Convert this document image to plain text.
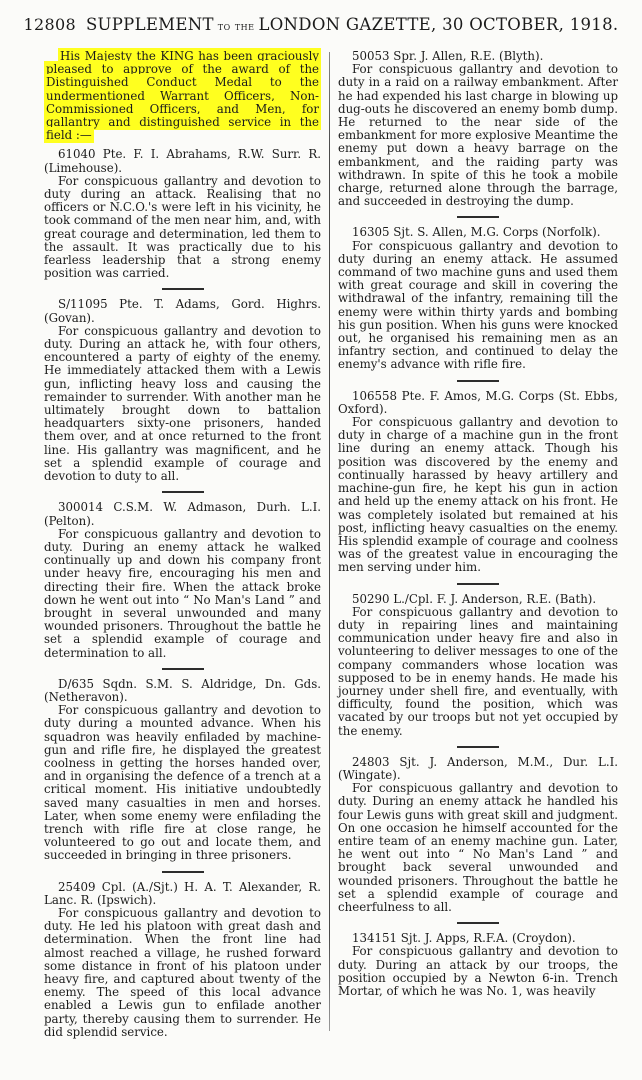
12808 SUPPLEMENT to the LONDON GAZETTE, 30 OCTOBER, 1918.

His Majesty the KING has been graciously pleased to approve of the award of the Distinguished Conduct Medal to the undermentioned Warrant Officers, Non-Commissioned Officers, and Men, for gallantry and distinguished service in the field :—

61040 Pte. F. I. Abrahams, R.W. Surr. R. (Limehouse).

For conspicuous gallantry and devotion to duty during an attack. Realising that no officers or N.C.O.'s were left in his vicinity, he took command of the men near him, and, with great courage and determination, led them to the assault. It was practically due to his fearless leadership that a strong enemy position was carried.

S/11095 Pte. T. Adams, Gord. Highrs. (Govan).

For conspicuous gallantry and devotion to duty. During an attack he, with four others, encountered a party of eighty of the enemy. He immediately attacked them with a Lewis gun, inflicting heavy loss and causing the remainder to surrender. With another man he ultimately brought down to battalion headquarters sixty-one prisoners, handed them over, and at once returned to the front line. His gallantry was magnificent, and he set a splendid example of courage and devotion to duty to all.

300014 C.S.M. W. Admason, Durh. L.I. (Pelton).

For conspicuous gallantry and devotion to duty. During an enemy attack he walked continually up and down his company front under heavy fire, encouraging his men and directing their fire. When the attack broke down he went out into “ No Man's Land ” and brought in several unwounded and many wounded prisoners. Throughout the battle he set a splendid example of courage and determination to all.

D/635 Sqdn. S.M. S. Aldridge, Dn. Gds. (Netheravon).

For conspicuous gallantry and devotion to duty during a mounted advance. When his squadron was heavily enfiladed by machine-gun and rifle fire, he displayed the greatest coolness in getting the horses handed over, and in organising the defence of a trench at a critical moment. His initiative undoubtedly saved many casualties in men and horses. Later, when some enemy were enfilading the trench with rifle fire at close range, he volunteered to go out and locate them, and succeeded in bringing in three prisoners.

25409 Cpl. (A./Sjt.) H. A. T. Alexander, R. Lanc. R. (Ipswich).

For conspicuous gallantry and devotion to duty. He led his platoon with great dash and determination. When the front line had almost reached a village, he rushed forward some distance in front of his platoon under heavy fire, and captured about twenty of the enemy. The speed of this local advance enabled a Lewis gun to enfilade another party, thereby causing them to surrender. He did splendid service.

50053 Spr. J. Allen, R.E. (Blyth).

For conspicuous gallantry and devotion to duty in a raid on a railway embankment. After he had expended his last charge in blowing up dug-outs he discovered an enemy bomb dump. He returned to the near side of the embankment for more explosive Meantime the enemy put down a heavy barrage on the embankment, and the raiding party was withdrawn. In spite of this he took a mobile charge, returned alone through the barrage, and succeeded in destroying the dump.

16305 Sjt. S. Allen, M.G. Corps (Norfolk).

For conspicuous gallantry and devotion to duty during an enemy attack. He assumed command of two machine guns and used them with great courage and skill in covering the withdrawal of the infantry, remaining till the enemy were within thirty yards and bombing his gun position. When his guns were knocked out, he organised his remaining men as an infantry section, and continued to delay the enemy's advance with rifle fire.

106558 Pte. F. Amos, M.G. Corps (St. Ebbs, Oxford).

For conspicuous gallantry and devotion to duty in charge of a machine gun in the front line during an enemy attack. Though his position was discovered by the enemy and continually harassed by heavy artillery and machine-gun fire, he kept his gun in action and held up the enemy attack on his front. He was completely isolated but remained at his post, inflicting heavy casualties on the enemy. His splendid example of courage and coolness was of the greatest value in encouraging the men serving under him.

50290 L./Cpl. F. J. Anderson, R.E. (Bath).

For conspicuous gallantry and devotion to duty in repairing lines and maintaining communication under heavy fire and also in volunteering to deliver messages to one of the company commanders whose location was supposed to be in enemy hands. He made his journey under shell fire, and eventually, with difficulty, found the position, which was vacated by our troops but not yet occupied by the enemy.

24803 Sjt. J. Anderson, M.M., Dur. L.I. (Wingate).

For conspicuous gallantry and devotion to duty. During an enemy attack he handled his four Lewis guns with great skill and judgment. On one occasion he himself accounted for the entire team of an enemy machine gun. Later, he went out into “ No Man's Land ” and brought back several unwounded and wounded prisoners. Throughout the battle he set a splendid example of courage and cheerfulness to all.

134151 Sjt. J. Apps, R.F.A. (Croydon).

For conspicuous gallantry and devotion to duty. During an attack by our troops, the position occupied by a Newton 6-in. Trench Mortar, of which he was No. 1, was heavily
